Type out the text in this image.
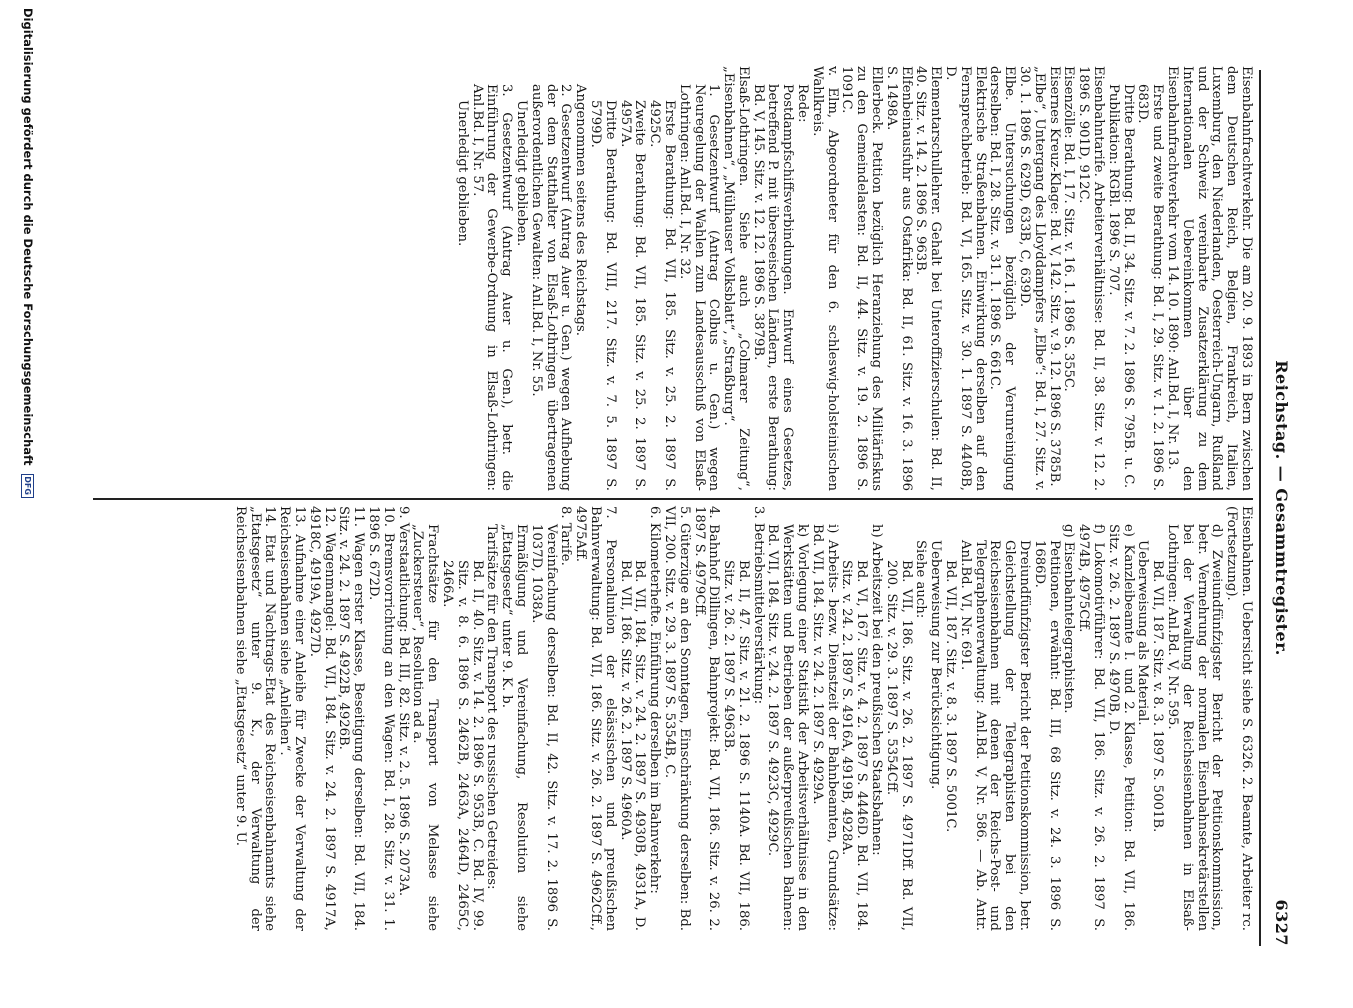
Reichstag. — Gesammtregister.
6327

Eisenbahnfrachtverkehr. Die am 20. 9. 1893 in Bern zwischen dem Deutschen Reich, Belgien, Frankreich, Italien, Luxemburg, den Niederlanden, Oesterreich-Ungarn, Rußland und der Schweiz vereinbarte Zusatzerklärung zu dem Internationalen Uebereinkommen über den Eisenbahnfrachtverkehr vom 14. 10. 1890: Anl.Bd. I, Nr. 13.

Erste und zweite Berathung: Bd. I, 29. Sitz. v. 1. 2. 1896 S. 683D.

Dritte Berathung: Bd. II, 34. Sitz. v. 7. 2. 1896 S. 795B. u. C.

Publikation: RGBl. 1896 S. 707.

Eisenbahntarife. Arbeiterverhältnisse: Bd. II, 38. Sitz. v. 12. 2. 1896 S. 901D, 912C.

Eisenzölle: Bd. I, 17. Sitz. v. 16. 1. 1896 S. 355C.

Eisernes Kreuz-Klage: Bd. V, 142. Sitz. v. 9. 12. 1896 S. 3785B.

„Elbe“, Untergang des Lloyddampfers „Elbe“: Bd. I, 27. Sitz. v. 30. 1. 1896 S. 629D, 633B, C, 639D.

Elbe. Untersuchungen bezüglich der Verunreinigung derselben: Bd. I, 28. Sitz. v. 31. 1. 1896 S. 661C.

Elektrische Straßenbahnen. Einwirkung derselben auf den Fernsprechbetrieb: Bd. VI, 165. Sitz. v. 30. 1. 1897 S. 4408B, D.

Elementarschullehrer. Gehalt bei Unteroffizierschulen: Bd. II, 40. Sitz. v. 14. 2. 1896 S. 963B.

Elfenbeinausfuhr aus Ostafrika: Bd. II, 61. Sitz. v. 16. 3. 1896 S. 1498A.

Ellerbeck. Petition bezüglich Heranziehung des Militärfiskus zu den Gemeindelasten: Bd. II, 44. Sitz. v. 19. 2. 1896 S. 1091C.

v. Elm, Abgeordneter für den 6. schleswig-holsteinischen Wahlkreis.

Rede:

Postdampfschiffsverbindungen. Entwurf eines Gesetzes, betreffend P. mit überseeischen Ländern, erste Berathung: Bd. V, 145. Sitz. v. 12. 12. 1896 S. 3879B.

Elsaß-Lothringen. Siehe auch „Colmarer Zeitung“, „Eisenbahnen“, „Mülhauser Volksblatt“, „Straßburg“.

1. Gesetzentwurf (Antrag Colbus u. Gen.) wegen Neuregelung der Wahlen zum Landesausschuß von Elsaß-Lothringen: Anl.Bd. I, Nr. 32.

Erste Berathung: Bd. VII, 185. Sitz. v. 25. 2. 1897 S. 4925C.

Zweite Berathung: Bd. VII, 185. Sitz. v. 25. 2. 1897 S. 4957A.

Dritte Berathung: Bd. VIII, 217. Sitz. v. 7. 5. 1897 S. 5799D.

Angenommen seitens des Reichstags.

2. Gesetzentwurf (Antrag Auer u. Gen.) wegen Aufhebung der dem Statthalter von Elsaß-Lothringen übertragenen außerordentlichen Gewalten: Anl.Bd. I, Nr. 55.

Unerledigt geblieben.

3. Gesetzentwurf (Antrag Auer u. Gen.), betr. die Einführung der Gewerbe-Ordnung in Elsaß-Lothringen: Anl.Bd. I, Nr. 57.

Unerledigt geblieben.

Eisenbahnen. Uebersicht siehe S. 6326. 2. Beamte, Arbeiter rc. (Fortsetzung).

d) Zweiundfünfzigster Bericht der Petitionskommission, betr. Vermehrung der normalen Eisenbahnsekretärstellen bei der Verwaltung der Reichseisenbahnen in Elsaß-Lothringen: Anl.Bd. V, Nr. 595.

Bd. VII, 187. Sitz. v. 8. 3. 1897 S. 5001B.

Ueberweisung als Material.

e) Kanzleibeamte I. und 2. Klasse, Petition: Bd. VII, 186. Sitz. v. 26. 2. 1897 S. 4970B, D.

f) Lokomotivführer: Bd. VII, 186. Sitz. v. 26. 2. 1897 S. 4974B, 4975Cff.

g) Eisenbahntelegraphisten.

Petitionen, erwähnt: Bd. III, 68 Sitz. v. 24. 3. 1896 S. 1686D.

Dreiundfünfzigster Bericht der Petitionskommission, betr. Gleichstellung der Telegraphisten bei den Reichseisenbahnen mit denen der Reichs-Post- und Telegraphenverwaltung: Anl.Bd. V, Nr. 586. — Ab. Antr. Anl.Bd. VI, Nr. 691.

Bd. VII, 187. Sitz. v. 8. 3. 1897 S. 5001C.

Ueberweisung zur Berücksichtigung.

Siehe auch:

Bd. VII, 186. Sitz. v. 26. 2. 1897 S. 4971Dff. Bd. VII, 200. Sitz. v. 29. 3. 1897 S. 5354Cff.

h) Arbeitszeit bei den preußischen Staatsbahnen:

Bd. VI, 167. Sitz. v. 4. 2. 1897 S. 4446D. Bd. VII, 184. Sitz. v. 24. 2. 1897 S. 4916A, 4919B, 4928A.

i) Arbeits- bezw. Dienstzeit der Bahnbeamten, Grundsätze: Bd. VII, 184. Sitz. v. 24. 2. 1897 S. 4929A.

k) Vorlegung einer Statistik der Arbeitsverhältnisse in den Werkstätten und Betrieben der außerpreußischen Bahnen: Bd. VII, 184. Sitz. v. 24. 2. 1897 S. 4923C, 4929C.

3. Betriebsmittelverstärkung:

Bd. II, 47. Sitz. v. 21. 2. 1896 S. 1140A. Bd. VII, 186. Sitz. v. 26. 2. 1897 S. 4963B.

4. Bahnhof Dillingen, Bahnprojekt: Bd. VII, 186. Sitz. v. 26. 2. 1897 S. 4979Cff.

5. Güterzüge an den Sonntagen, Einschränkung derselben: Bd. VII, 200. Sitz. v. 29. 3. 1897 S. 5354B, C.

6. Kilometerhefte. Einführung derselben im Bahnverkehr:

Bd. VII, 184. Sitz. v. 24. 2. 1897 S. 4930B, 4931A, D. Bd. VII, 186. Sitz. v. 26. 2. 1897 S. 4960A.

7. Personalunion der elsässischen und preußischen Bahnverwaltung: Bd. VII, 186. Sitz. v. 26. 2. 1897 S. 4962Cff., 4975Aff.

8. Tarife.

Vereinfachung derselben: Bd. II, 42. Sitz. v. 17. 2. 1896 S. 1037D, 1038A.

Ermäßigung und Vereinfachung, Resolution siehe „Etatsgesetz“ unter 9. K. b.

Tarifsätze für den Transport des russischen Getreides:

Bd. II, 40. Sitz. v. 14. 2. 1896 S. 953B, C. Bd. IV, 99. Sitz. v. 8. 6. 1896 S. 2462B, 2463A, 2464D, 2465C, 2466A.

Frachtsätze für den Transport von Melasse siehe „Zuckersteuer“, Resolution ad a.

9. Verstaatlichung: Bd. III, 82. Sitz. v. 2. 5. 1896 S. 2073A.

10. Bremsvorrichtung an den Wagen: Bd. I, 28. Sitz. v. 31. 1. 1896 S. 672D.

11. Wagen erster Klasse, Beseitigung derselben: Bd. VII, 184. Sitz. v. 24. 2. 1897 S. 4922B, 4926B.

12. Wagenmangel: Bd. VII, 184. Sitz. v. 24. 2. 1897 S. 4917A, 4918C, 4919A, 4927D.

13. Aufnahme einer Anleihe für Zwecke der Verwaltung der Reichseisenbahnen siehe „Anleihen“.

14. Etat und Nachtrags-Etat des Reichseisenbahnamts siehe „Etatsgesetz“ unter 9. K., der Verwaltung der Reichseisenbahnen siehe „Etatsgesetz“ unter 9. U.

Digitalisierung gefördert durch die Deutsche Forschungsgemeinschaft DFG
